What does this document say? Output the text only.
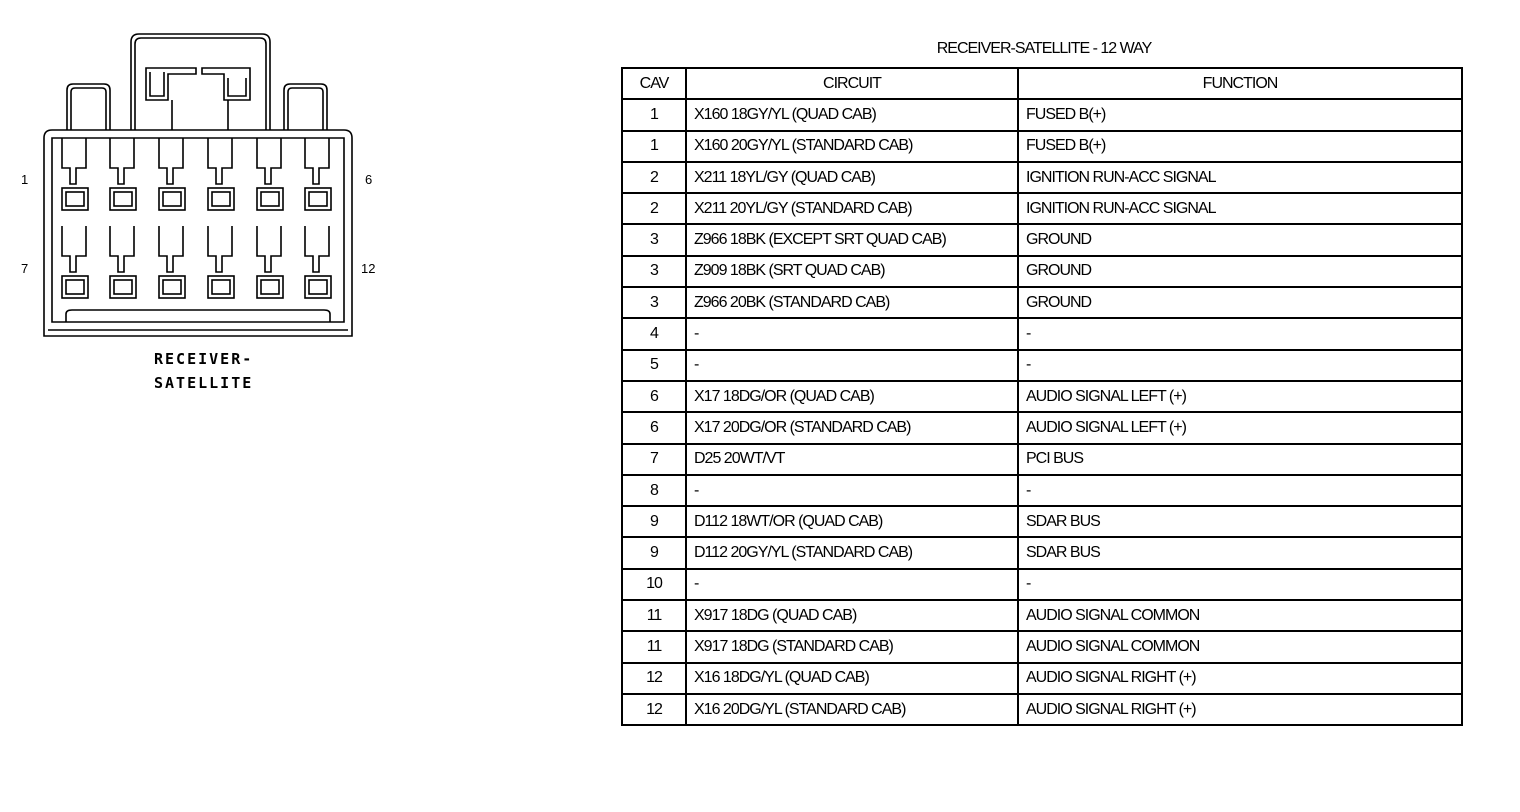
1	6
7	12
RECEIVER-
SATELLITE
RECEIVER-SATELLITE - 12 WAY
CAV	CIRCUIT	FUNCTION
1	X160 18GY/YL (QUAD CAB)	FUSED B(+)
1	X160 20GY/YL (STANDARD CAB)	FUSED B(+)
2	X211 18YL/GY (QUAD CAB)	IGNITION RUN-ACC SIGNAL
2	X211 20YL/GY (STANDARD CAB)	IGNITION RUN-ACC SIGNAL
3	Z966 18BK (EXCEPT SRT QUAD CAB)	GROUND
3	Z909 18BK (SRT QUAD CAB)	GROUND
3	Z966 20BK (STANDARD CAB)	GROUND
4	-	-
5	-	-
6	X17 18DG/OR (QUAD CAB)	AUDIO SIGNAL LEFT (+)
6	X17 20DG/OR (STANDARD CAB)	AUDIO SIGNAL LEFT (+)
7	D25 20WT/VT	PCI BUS
8	-	-
9	D112 18WT/OR (QUAD CAB)	SDAR BUS
9	D112 20GY/YL (STANDARD CAB)	SDAR BUS
10	-	-
11	X917 18DG (QUAD CAB)	AUDIO SIGNAL COMMON
11	X917 18DG (STANDARD CAB)	AUDIO SIGNAL COMMON
12	X16 18DG/YL (QUAD CAB)	AUDIO SIGNAL RIGHT (+)
12	X16 20DG/YL (STANDARD CAB)	AUDIO SIGNAL RIGHT (+)
